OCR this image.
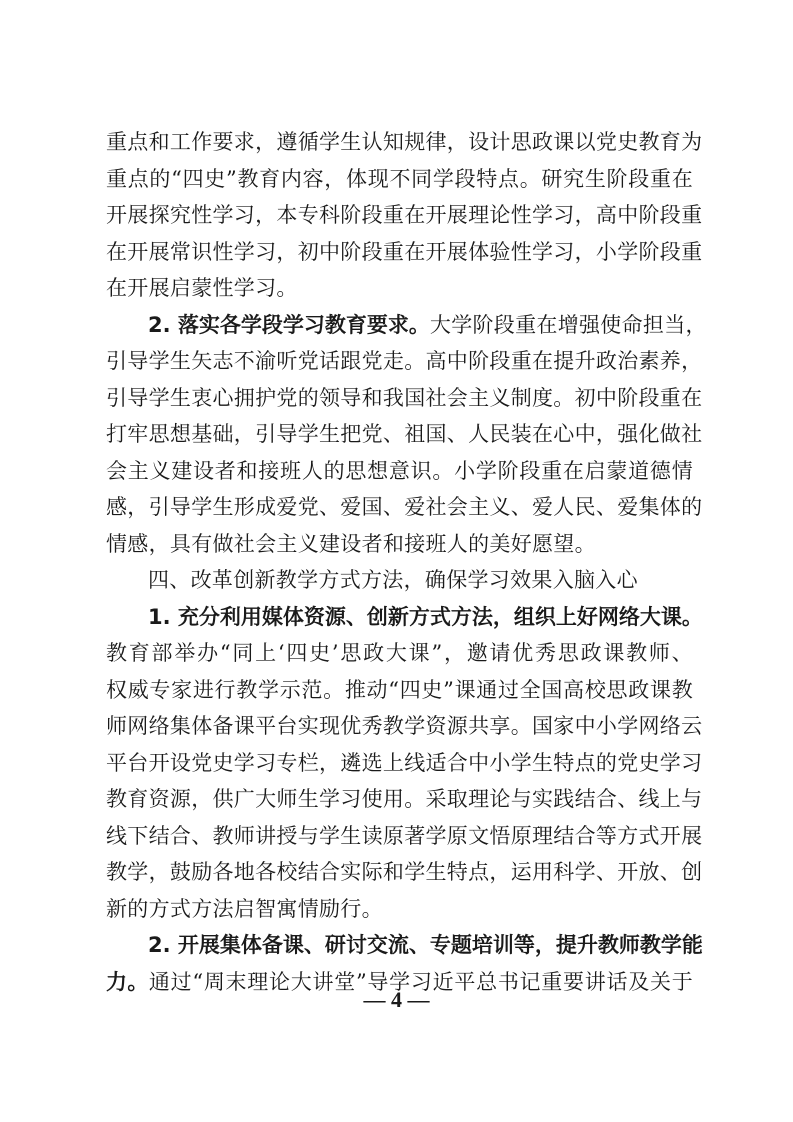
重点和工作要求，遵循学生认知规律，设计思政课以党史教育为
重点的“四史”教育内容，体现不同学段特点。研究生阶段重在
开展探究性学习，本专科阶段重在开展理论性学习，高中阶段重
在开展常识性学习，初中阶段重在开展体验性学习，小学阶段重
在开展启蒙性学习。
2. 落实各学段学习教育要求。大学阶段重在增强使命担当，
引导学生矢志不渝听党话跟党走。高中阶段重在提升政治素养，
引导学生衷心拥护党的领导和我国社会主义制度。初中阶段重在
打牢思想基础，引导学生把党、祖国、人民装在心中，强化做社
会主义建设者和接班人的思想意识。小学阶段重在启蒙道德情
感，引导学生形成爱党、爱国、爱社会主义、爱人民、爱集体的
情感，具有做社会主义建设者和接班人的美好愿望。
四、改革创新教学方式方法，确保学习效果入脑入心
1. 充分利用媒体资源、创新方式方法，组织上好网络大课。
教育部举办“同上‘四史’思政大课”，邀请优秀思政课教师、
权威专家进行教学示范。推动“四史”课通过全国高校思政课教
师网络集体备课平台实现优秀教学资源共享。国家中小学网络云
平台开设党史学习专栏，遴选上线适合中小学生特点的党史学习
教育资源，供广大师生学习使用。采取理论与实践结合、线上与
线下结合、教师讲授与学生读原著学原文悟原理结合等方式开展
教学，鼓励各地各校结合实际和学生特点，运用科学、开放、创
新的方式方法启智寓情励行。
2. 开展集体备课、研讨交流、专题培训等，提升教师教学能
力。通过“周末理论大讲堂”导学习近平总书记重要讲话及关于
— 4 —
